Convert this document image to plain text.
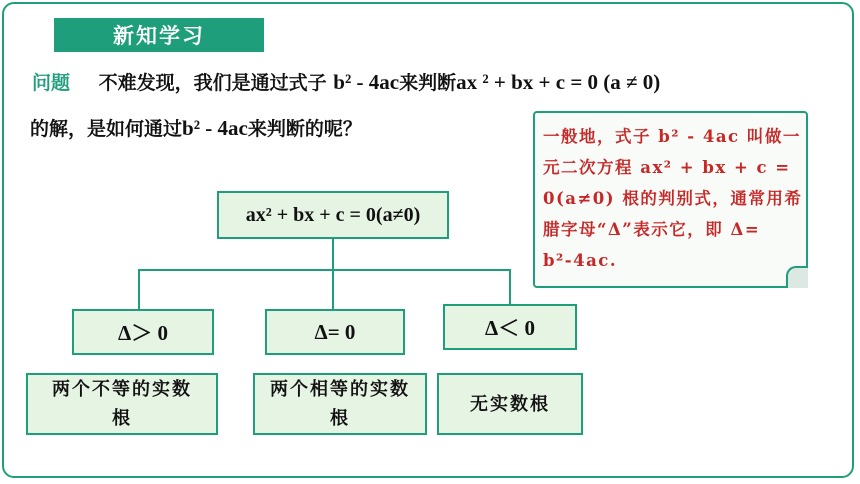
新知学习
问题 不难发现，我们是通过式子 b² - 4ac来判断ax ² + bx + c = 0 (a ≠ 0)
的解，是如何通过b² - 4ac来判断的呢？	一般地，式子 b² - 4ac 叫做一元二次方程 ax² + bx + c = 0(a≠0) 根的判别式，通常用希腊字母“Δ”表示它，即 Δ= b²-4ac.
ax² + bx + c = 0(a≠0)
Δ＞ 0	Δ= 0	Δ＜ 0
两个不等的实数根
两个相等的实数根
无实数根
